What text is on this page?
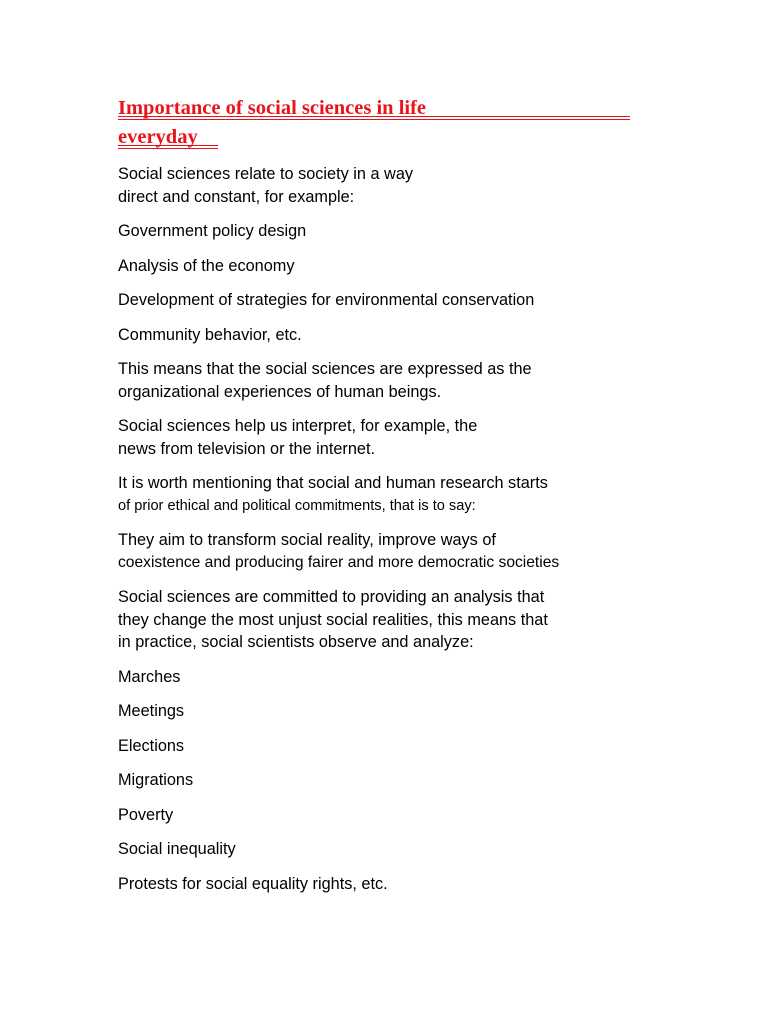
Importance of social sciences in life
everyday

Social sciences relate to society in a way
direct and constant, for example:

Government policy design

Analysis of the economy

Development of strategies for environmental conservation

Community behavior, etc.

This means that the social sciences are expressed as the
organizational experiences of human beings.

Social sciences help us interpret, for example, the
news from television or the internet.

It is worth mentioning that social and human research starts
of prior ethical and political commitments, that is to say:

They aim to transform social reality, improve ways of
coexistence and producing fairer and more democratic societies

Social sciences are committed to providing an analysis that
they change the most unjust social realities, this means that
in practice, social scientists observe and analyze:

Marches
Meetings
Elections
Migrations
Poverty
Social inequality
Protests for social equality rights, etc.
